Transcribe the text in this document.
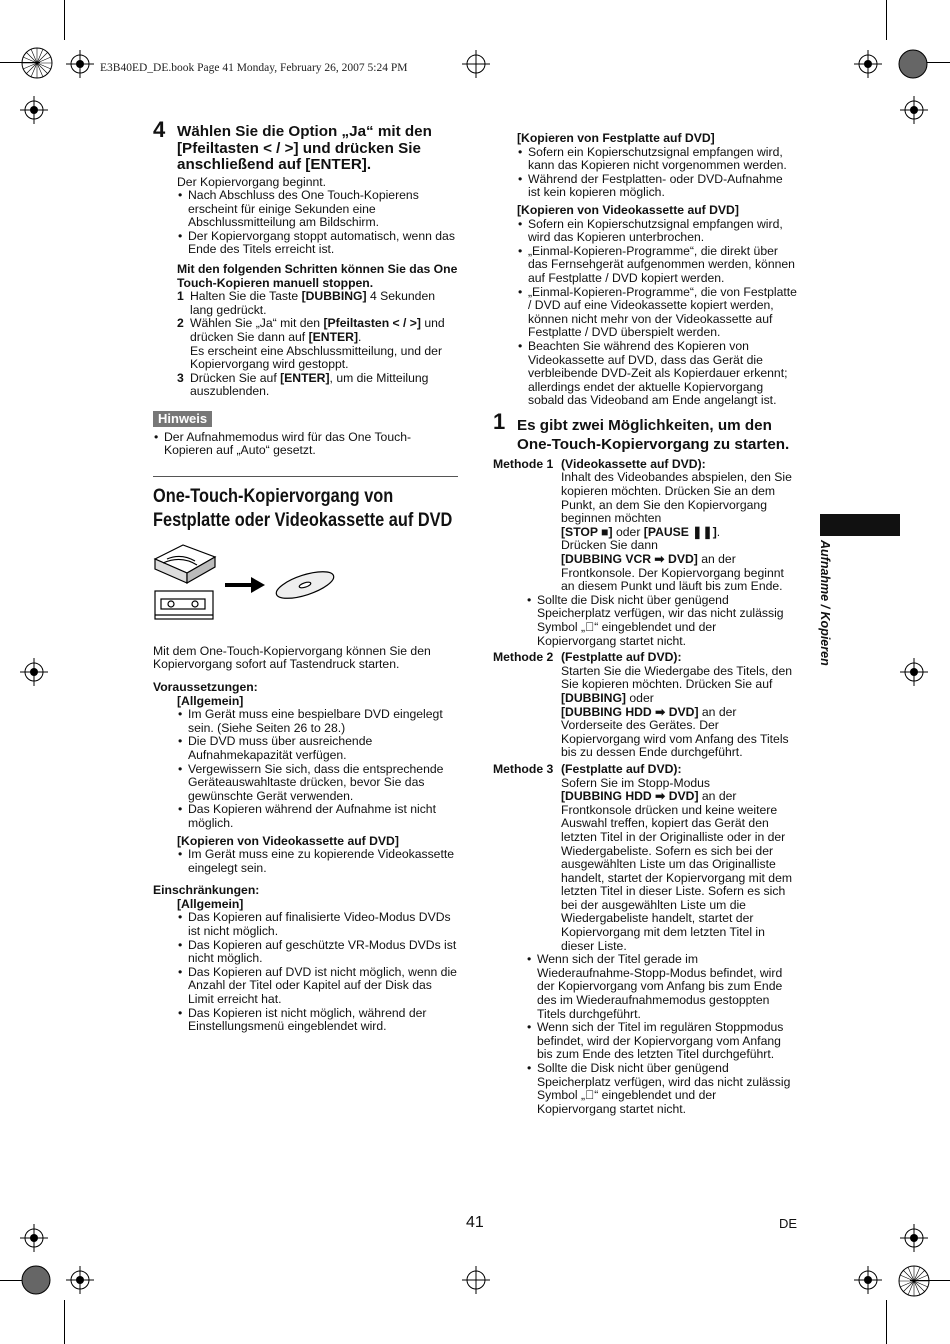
E3B40ED_DE.book Page 41 Monday, February 26, 2007 5:24 PM
4 Wählen Sie die Option „Ja“ mit den
[Pfeiltasten < / >] und drücken Sie
anschließend auf [ENTER].

Der Kopiervorgang beginnt.

• Nach Abschluss des One Touch-Kopierens erscheint für einige Sekunden eine Abschlussmitteilung am Bildschirm.

• Der Kopiervorgang stoppt automatisch, wenn das Ende des Titels erreicht ist.

Mit den folgenden Schritten können Sie das One Touch-Kopieren manuell stoppen.

1 Halten Sie die Taste [DUBBING] 4 Sekunden lang gedrückt.

2 Wählen Sie „Ja“ mit den [Pfeiltasten < / >] und drücken Sie dann auf [ENTER].
Es erscheint eine Abschlussmitteilung, und der Kopiervorgang wird gestoppt.

3 Drücken Sie auf [ENTER], um die Mitteilung auszublenden.

Hinweis

• Der Aufnahmemodus wird für das One Touch-Kopieren auf „Auto“ gesetzt.

One-Touch-Kopiervorgang von
Festplatte oder Videokassette auf DVD

Mit dem One-Touch-Kopiervorgang können Sie den Kopiervorgang sofort auf Tastendruck starten.

Voraussetzungen:

[Allgemein]

• Im Gerät muss eine bespielbare DVD eingelegt sein. (Siehe Seiten 26 to 28.)

• Die DVD muss über ausreichende Aufnahmekapazität verfügen.

• Vergewissern Sie sich, dass die entsprechende Geräteauswahltaste drücken, bevor Sie das gewünschte Gerät verwenden.

• Das Kopieren während der Aufnahme ist nicht möglich.

[Kopieren von Videokassette auf DVD]

• Im Gerät muss eine zu kopierende Videokassette eingelegt sein.

Einschränkungen:

[Allgemein]

• Das Kopieren auf finalisierte Video-Modus DVDs ist nicht möglich.

• Das Kopieren auf geschützte VR-Modus DVDs ist nicht möglich.

• Das Kopieren auf DVD ist nicht möglich, wenn die Anzahl der Titel oder Kapitel auf der Disk das Limit erreicht hat.

• Das Kopieren ist nicht möglich, während der Einstellungsmenü eingeblendet wird.

[Kopieren von Festplatte auf DVD]

• Sofern ein Kopierschutzsignal empfangen wird, kann das Kopieren nicht vorgenommen werden.

• Während der Festplatten- oder DVD-Aufnahme ist kein kopieren möglich.

[Kopieren von Videokassette auf DVD]

• Sofern ein Kopierschutzsignal empfangen wird, wird das Kopieren unterbrochen.

• „Einmal-Kopieren-Programme“, die direkt über das Fernsehgerät aufgenommen werden, können auf Festplatte / DVD kopiert werden.

• „Einmal-Kopieren-Programme“, die von Festplatte / DVD auf eine Videokassette kopiert werden, können nicht mehr von der Videokassette auf Festplatte / DVD überspielt werden.

• Beachten Sie während des Kopieren von Videokassette auf DVD, dass das Gerät die verbleibende DVD-Zeit als Kopierdauer erkennt; allerdings endet der aktuelle Kopiervorgang sobald das Videoband am Ende angelangt ist.

1 Es gibt zwei Möglichkeiten, um den One-Touch-Kopiervorgang zu starten.
Methode 1 (Videokassette auf DVD):

Inhalt des Videobandes abspielen, den Sie kopieren möchten. Drücken Sie an dem Punkt, an dem Sie den Kopiervorgang beginnen möchten
[STOP ■] oder [PAUSE ❚❚].
Drücken Sie dann
[DUBBING VCR ➡ DVD] an der Frontkonsole. Der Kopiervorgang beginnt an diesem Punkt und läuft bis zum Ende.

• Sollte die Disk nicht über genügend Speicherplatz verfügen, wir das nicht zulässig Symbol „⃠“ eingeblendet und der Kopiervorgang startet nicht.

Methode 2 (Festplatte auf DVD):

Starten Sie die Wiedergabe des Titels, den Sie kopieren möchten. Drücken Sie auf [DUBBING] oder
[DUBBING HDD ➡ DVD] an der Vorderseite des Gerätes. Der Kopiervorgang wird vom Anfang des Titels bis zu dessen Ende durchgeführt.

Methode 3 (Festplatte auf DVD):

Sofern Sie im Stopp-Modus
[DUBBING HDD ➡ DVD] an der Frontkonsole drücken und keine weitere Auswahl treffen, kopiert das Gerät den letzten Titel in der Originalliste oder in der Wiedergabeliste. Sofern es sich bei der ausgewählten Liste um das Originalliste handelt, startet der Kopiervorgang mit dem letzten Titel in dieser Liste. Sofern es sich bei der ausgewählten Liste um die Wiedergabeliste handelt, startet der Kopiervorgang mit dem letzten Titel in dieser Liste.

• Wenn sich der Titel gerade im Wiederaufnahme-Stopp-Modus befindet, wird der Kopiervorgang vom Anfang bis zum Ende des im Wiederaufnahmemodus gestoppten Titels durchgeführt.

• Wenn sich der Titel im regulären Stoppmodus befindet, wird der Kopiervorgang vom Anfang bis zum Ende des letzten Titel durchgeführt.

• Sollte die Disk nicht über genügend Speicherplatz verfügen, wird das nicht zulässig Symbol „⃠“ eingeblendet und der Kopiervorgang startet nicht.

Aufnahme / Kopieren
41	DE
